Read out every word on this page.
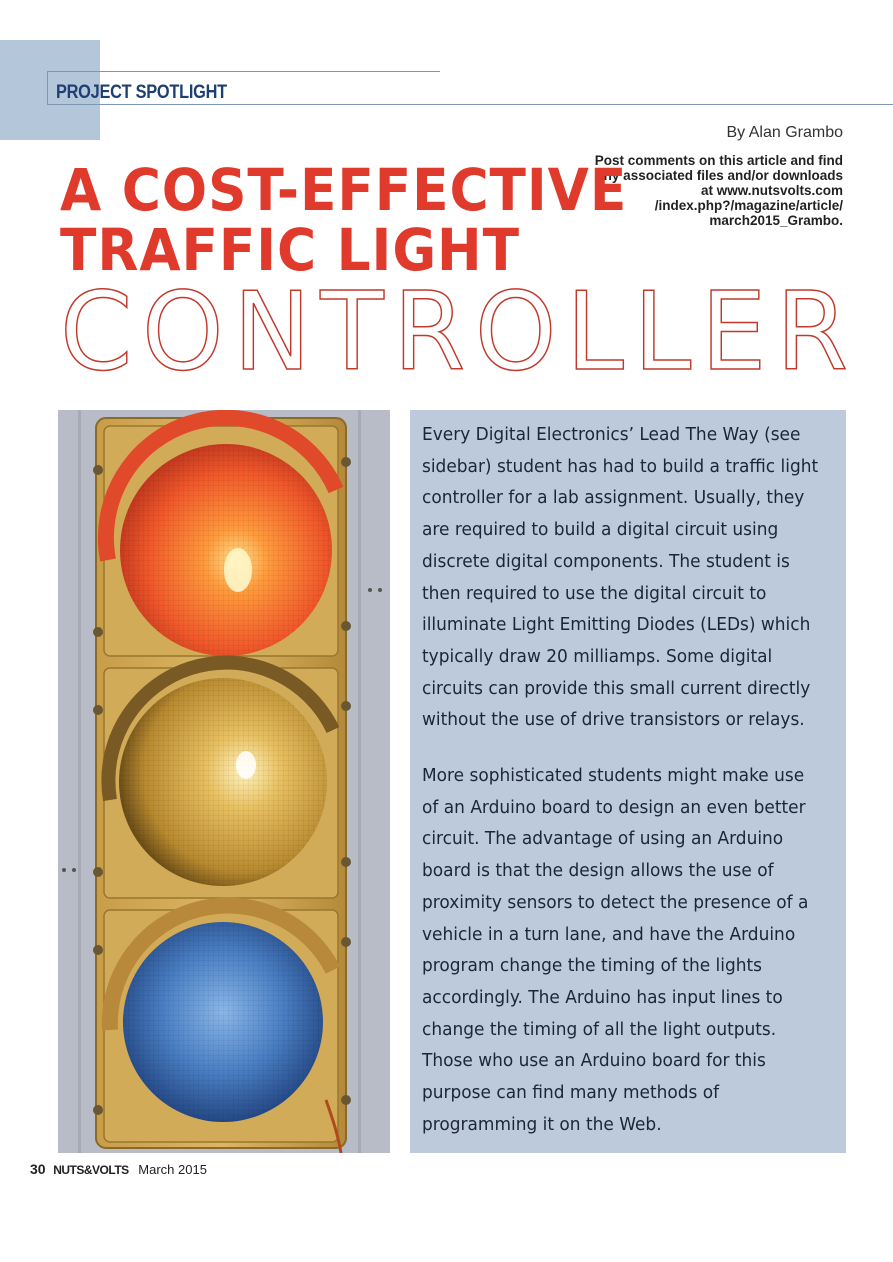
PROJECT SPOTLIGHT

By Alan Grambo

Post comments on this article and find any associated files and/or downloads at www.nutsvolts.com /index.php?/magazine/article/ march2015_Grambo.

A COST-EFFECTIVE
TRAFFIC LIGHT
CONTROLLER

Every Digital Electronics’ Lead The Way (see sidebar) student has had to build a traffic light controller for a lab assignment. Usually, they are required to build a digital circuit using discrete digital components. The student is then required to use the digital circuit to illuminate Light Emitting Diodes (LEDs) which typically draw 20 milliamps. Some digital circuits can provide this small current directly without the use of drive transistors or relays.

More sophisticated students might make use of an Arduino board to design an even better circuit. The advantage of using an Arduino board is that the design allows the use of proximity sensors to detect the presence of a vehicle in a turn lane, and have the Arduino program change the timing of the lights accordingly. The Arduino has input lines to change the timing of all the light outputs. Those who use an Arduino board for this purpose can find many methods of programming it on the Web.

30 NUTS&VOLTS March 2015
